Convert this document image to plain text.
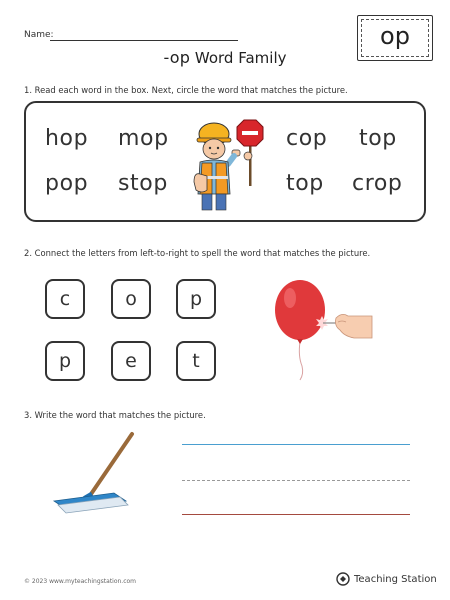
Name:
-op Word Family
op
1. Read each word in the box. Next, circle the word that matches the picture.
hop mop	cop top
pop stop	top crop
2. Connect the letters from left-to-right to spell the word that matches the picture.
c	o	p
p	e	t
3. Write the word that matches the picture.
© 2023 www.myteachingstation.com	Teaching Station
